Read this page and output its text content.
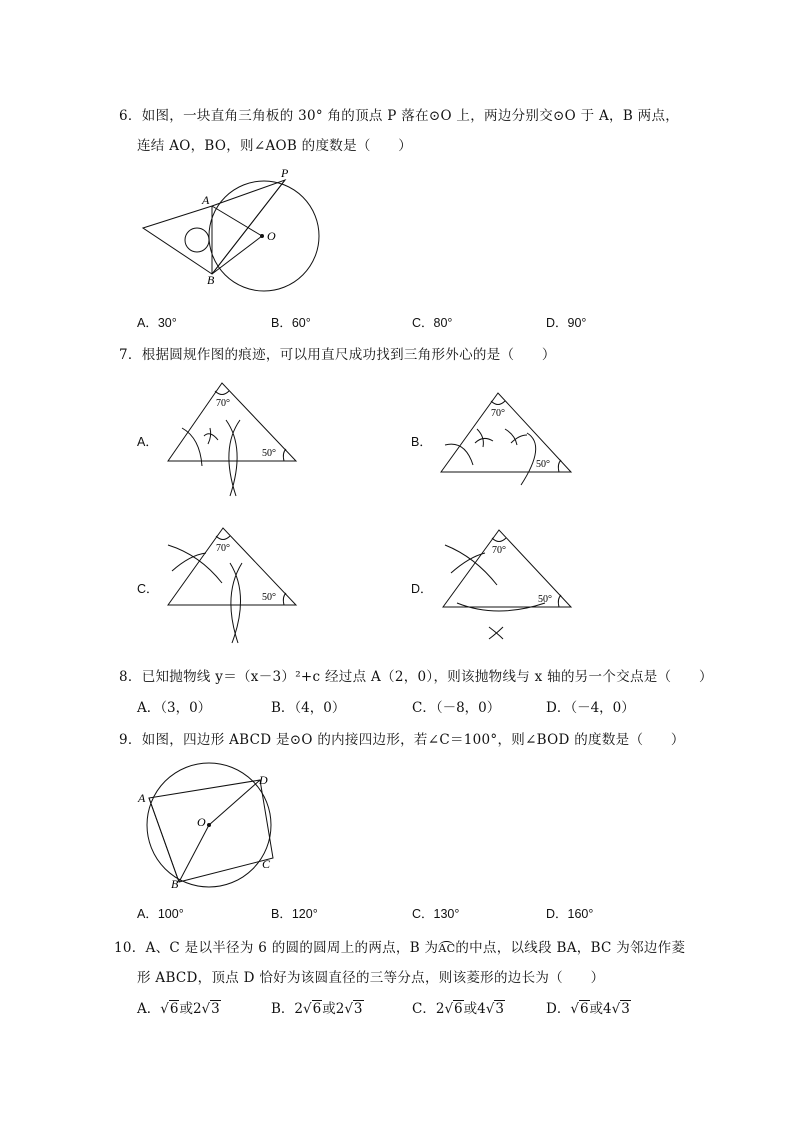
6．如图，一块直角三角板的 30° 角的顶点 P 落在⊙O 上，两边分别交⊙O 于 A，B 两点，
连结 AO，BO，则∠AOB 的度数是（　　）
A
B
O
P
A．30°	B．60°	C．80°	D．90°
7．根据圆规作图的痕迹，可以用直尺成功找到三角形外心的是（　　）
A．
70°
50°
B．
70°
50°
C．
70°
50°
D．
70°
50°
8．已知抛物线 y＝（x－3）²+c 经过点 A（2，0），则该抛物线与 x 轴的另一个交点是（　　）
A．（3，0）	B．（4，0）	C．（－8，0）	D．（－4，0）
9．如图，四边形 ABCD 是⊙O 的内接四边形，若∠C＝100°，则∠BOD 的度数是（　　）
A
B
C
D
O
A．100°	B．120°	C．130°	D．160°
10．A、C 是以半径为 6 的圆的圆周上的两点，B 为AC的中点，以线段 BA，BC 为邻边作菱
形 ABCD，顶点 D 恰好为该圆直径的三等分点，则该菱形的边长为（　　）
A．√6或2√3	B．2√6或2√3	C．2√6或4√3	D．√6或4√3
